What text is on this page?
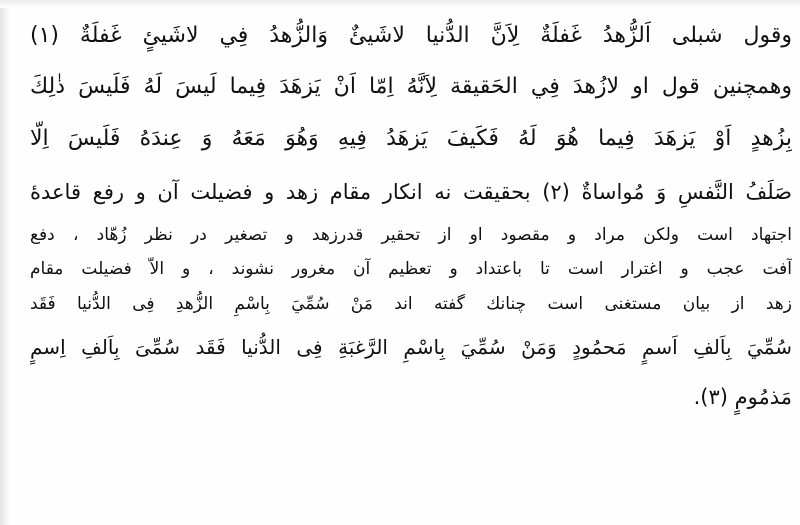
وقول شبلى اَلزُّهدُ غَفلَةٌ لِاَنَّ الدُّنيا لاشَيئٌ وَالزُّهدُ فِي لاشَيئٍ غَفلَةٌ (١)
وهمچنين قول او لازُهدَ فِي الحَقيقة لِاَنَّهُ اِمّا اَنْ يَزهَدَ فِيما لَيسَ لَهُ فَلَيسَ ذٰلِكَ
بِزُهدٍ اَوْ يَزهَدَ فِيما هُوَ لَهُ فَكَيفَ يَزهَدُ فِيهِ وَهُوَ مَعَهُ وَ عِندَهُ فَلَيسَ اِلّا
صَلَفُ النَّفسِ وَ مُواساةٌ (٢) بحقيقت نه انكار مقام زهد و فضيلت آن و رفع قاعدهٔ
اجتهاد است ولكن مراد و مقصود او از تحقير قدرزهد و تصغير در نظر زُهّاد ، دفع
آفت عجب و اغترار است تا باعتداد و تعظيم آن مغرور نشوند ، و الاّ فضيلت مقام
زهد از بيان مستغنى است چنانك گفته اند مَنْ سُمِّيَ بِاسْمِ الزُّهدِ فِى الدُّنيا فَقَد
سُمِّيَ بِاَلفِ اَسمٍ مَحمُودٍ وَمَنْ سُمِّيَ بِاسْمِ الرَّغبَةِ فِى الدُّنيا فَقَد سُمِّىَ بِاَلفِ اِسمٍ
مَذمُومٍ (٣).
